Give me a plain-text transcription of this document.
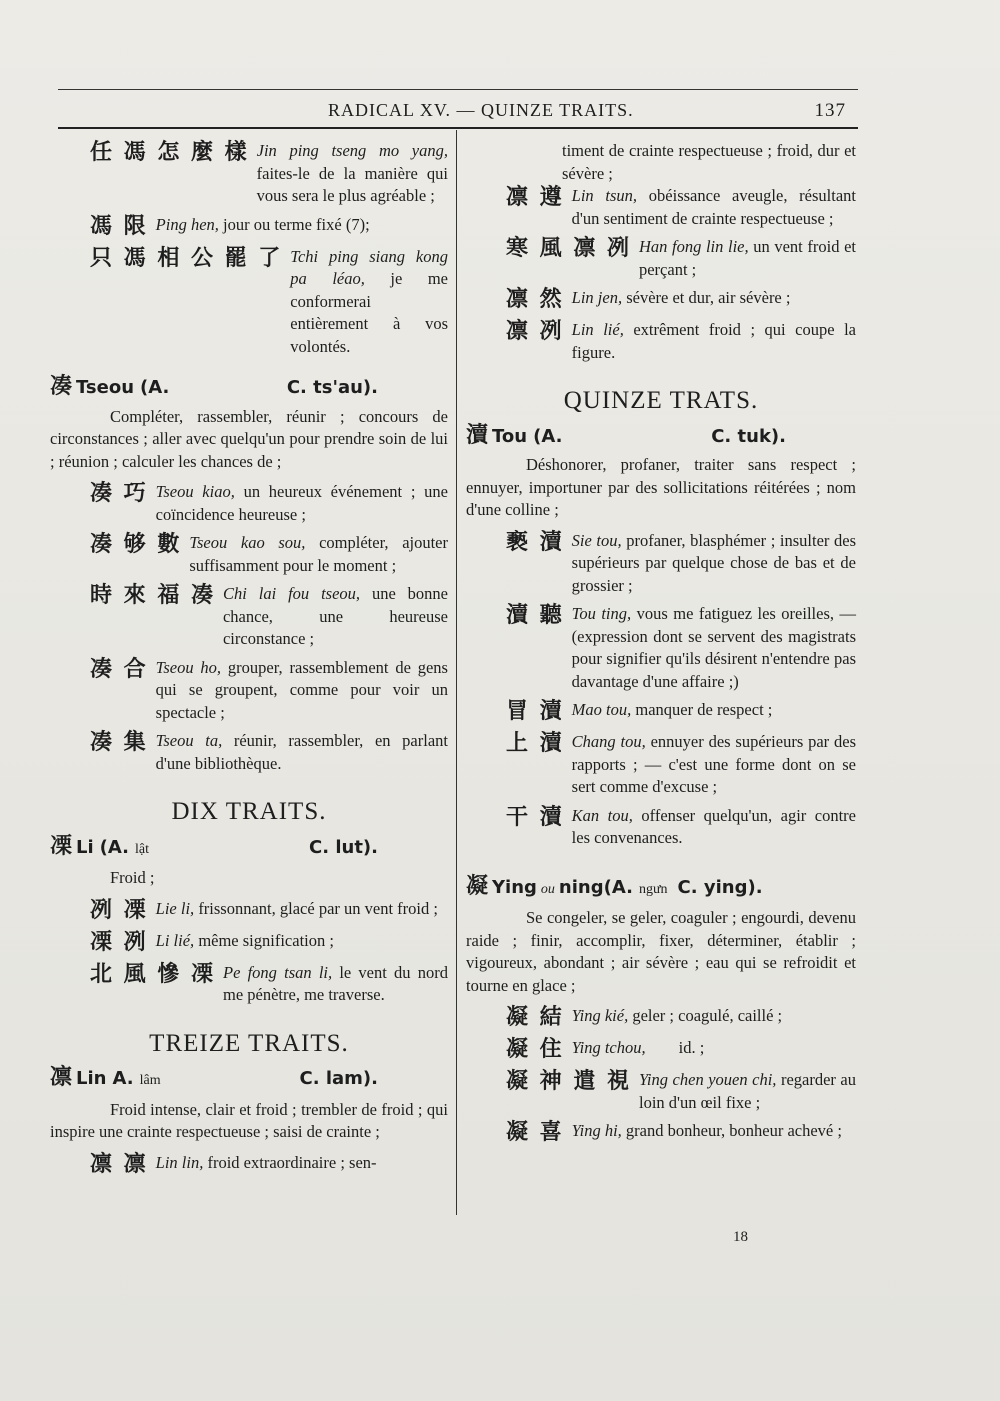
RADICAL XV. — QUINZE TRAITS.	137
任 馮 怎 麼 樣 Jin ping tseng mo yang, faites-le de la manière qui vous sera le plus agréable ;
馮 限 Ping hen, jour ou terme fixé (7);
只 馮 相 公 罷 了 Tchi ping siang kong pa léao, je me conformerai entièrement à vos volontés.
凑 Tseou (A.	C. ts'au).
Compléter, rassembler, réunir ; concours de circonstances ; aller avec quelqu'un pour prendre soin de lui ; réunion ; calculer les chances de ;
凑 巧 Tseou kiao, un heureux événement ; une coïncidence heureuse ;
凑 够 數 Tseou kao sou, compléter, ajouter suffisamment pour le moment ;
時 來 福 凑 Chi lai fou tseou, une bonne chance, une heureuse circonstance ;
凑 合 Tseou ho, grouper, rassemblement de gens qui se groupent, comme pour voir un spectacle ;
凑 集 Tseou ta, réunir, rassembler, en parlant d'une bibliothèque.
DIX TRAITS.
凓 Li (A. lật	C. lut).
Froid ;
冽 凓 Lie li, frissonnant, glacé par un vent froid ;
凓 冽 Li lié, même signification ;
北 風 慘 凓 Pe fong tsan li, le vent du nord me pénètre, me traverse.
TREIZE TRAITS.
凛 Lin A. lâm	C. lam).
Froid intense, clair et froid ; trembler de froid ; qui inspire une crainte respectueuse ; saisi de crainte ;
凛 凛 Lin lin, froid extraordinaire ; sen-
timent de crainte respectueuse ; froid, dur et sévère ;
凛 遵 Lin tsun, obéissance aveugle, résultant d'un sentiment de crainte respectueuse ;
寒 風 凛 冽 Han fong lin lie, un vent froid et perçant ;
凛 然 Lin jen, sévère et dur, air sévère ;
凛 冽 Lin lié, extrêment froid ; qui coupe la figure.
QUINZE TRATS.
瀆 Tou (A.	C. tuk).
Déshonorer, profaner, traiter sans respect ; ennuyer, importuner par des sollicitations réitérées ; nom d'une colline ;
褻 瀆 Sie tou, profaner, blasphémer ; insulter des supérieurs par quelque chose de bas et de grossier ;
瀆 聽 Tou ting, vous me fatiguez les oreilles, — (expression dont se servent des magistrats pour signifier qu'ils désirent n'entendre pas davantage d'une affaire ;)
冒 瀆 Mao tou, manquer de respect ;
上 瀆 Chang tou, ennuyer des supérieurs par des rapports ; — c'est une forme dont on se sert comme d'excuse ;
干 瀆 Kan tou, offenser quelqu'un, agir contre les convenances.
凝 Ying ou ning (A. ngưn C. ying).
Se congeler, se geler, coaguler ; engourdi, devenu raide ; finir, accomplir, fixer, déterminer, établir ; vigoureux, abondant ; air sévère ; eau qui se refroidit et tourne en glace ;
凝 結 Ying kié, geler ; coagulé, caillé ;
凝 住 Ying tchou,        id. ;
凝 神 遣 視 Ying chen youen chi, regarder au loin d'un œil fixe ;
凝 喜 Ying hi, grand bonheur, bonheur achevé ;
18
